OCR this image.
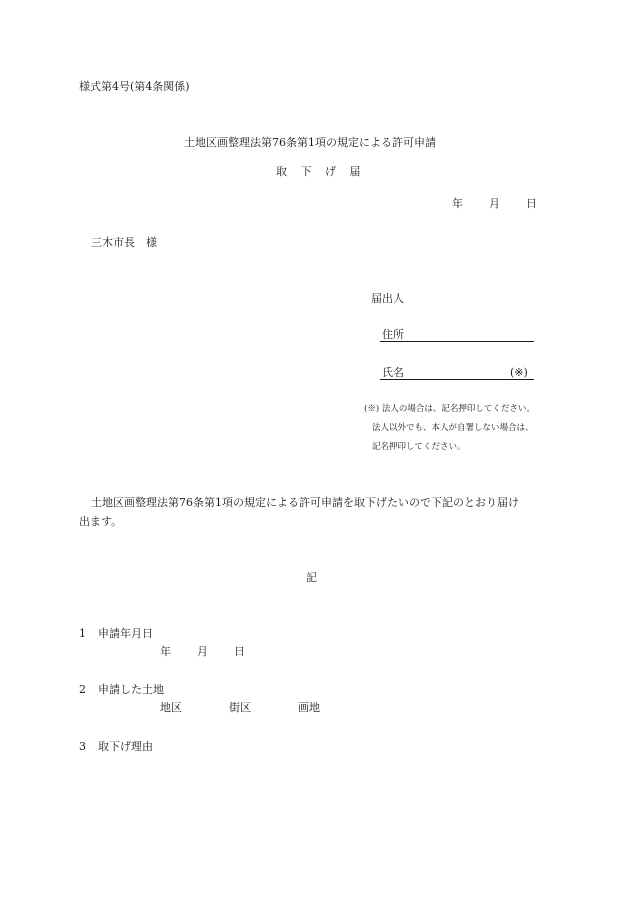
様式第4号(第4条関係)
土地区画整理法第76条第1項の規定による許可申請
取 下 げ 届
年 月 日
三木市長　様
届出人
住所
氏名	(※)
(※) 法人の場合は、記名押印してください。
法人以外でも、本人が自署しない場合は、
記名押印してください。
土地区画整理法第76条第1項の規定による許可申請を取下げたいので下記のとおり届け
出ます。
記
1 申請年月日
年 月 日
2 申請した土地
地区	街区	画地
3 取下げ理由
